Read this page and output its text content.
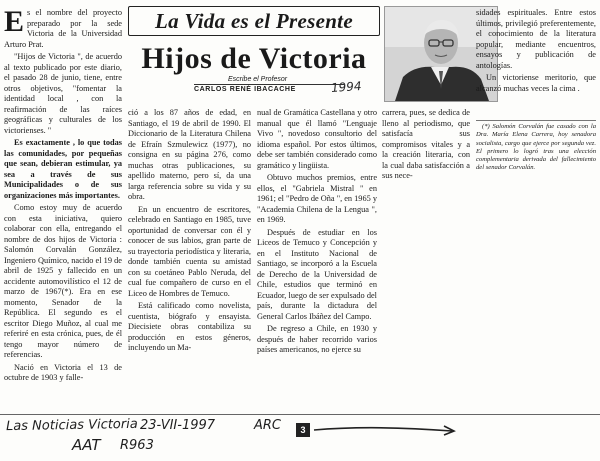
Es el nombre del proyecto preparado por la sede Victoria de la Universidad Arturo Prat.

"Hijos de Victoria ", de acuerdo al texto publicado por este diario, el pasado 28 de junio, tiene, entre otros objetivos, "fomentar la identidad local , con la reafirmación de las raíces geográficas y culturales de los victorienses. "

Es exactamente , lo que todas las comunidades, por pequeñas que sean, debieran estimular, ya sea a través de sus Municipalidades o de sus organizaciones más importantes.

Como estoy muy de acuerdo con esta iniciativa, quiero colaborar con ella, entregando el nombre de dos hijos de Victoria : Salomón Corvalán González, Ingeniero Químico, nacido el 19 de abril de 1925 y fallecido en un accidente automovilístico el 12 de marzo de 1967(*). Era en ese momento, Senador de la República. El segundo es el escritor Diego Muñoz, al cual me referiré en esta crónica, pues, de él tengo mayor número de referencias.

Nació en Victoria el 13 de octubre de 1903 y falle-

La Vida es el Presente
Hijos de Victoria
Escribe el Profesor
CARLOS RENÉ IBACACHE	1994

ció a los 87 años de edad, en Santiago, el 19 de abril de 1990. El Diccionario de la Literatura Chilena de Efraín Szmulewicz (1977), no consigna en su página 276, como muchas otras publicaciones, su apellido materno, pero sí, da una larga referencia sobre su vida y su obra.

En un encuentro de escritores, celebrado en Santiago en 1985, tuve oportunidad de conversar con él y conocer de sus labios, gran parte de su trayectoria periodística y literaria, donde también cuenta su amistad con su coetáneo Pablo Neruda, del cual fue compañero de curso en el Liceo de Hombres de Temuco.

Está calificado como novelista, cuentista, biógrafo y ensayista. Diecisiete obras contabiliza su producción en estos géneros, incluyendo un Ma-

nual de Gramática Castellana y otro manual que él llamó "Lenguaje Vivo ", novedoso consultorio del idioma español. Por estos últimos, debe ser también considerado como gramático y lingüista.

Obtuvo muchos premios, entre ellos, el "Gabriela Mistral " en 1961; el "Pedro de Oña ", en 1965 y "Academia Chilena de la Lengua ", en 1969.

Después de estudiar en los Liceos de Temuco y Concepción y en el Instituto Nacional de Santiago, se incorporó a la Escuela de Derecho de la Universidad de Chile, estudios que terminó en Ecuador, luego de ser expulsado del país, durante la dictadura del General Carlos Ibáñez del Campo.

De regreso a Chile, en 1930 y después de haber recorrido varios países americanos, no ejerce su

carrera, pues, se dedica de lleno al periodismo, que satisfacía sus compromisos vitales y a la creación literaria, con la cual daba satisfacción a sus nece-

sidades espirituales. Entre estos últimos, privilegió preferentemente, el conocimiento de la literatura popular, mediante encuentros, ensayos y publicación de antologías.

Un victoriense meritorio, que alcanzó muchas veces la cima .

(*) Salomón Corvalán fue casado con la Dra. María Elena Carrera, hoy senadora socialista, cargo que ejerce por segunda vez. El primero lo logró tras una elección complementaria derivada del fallecimiento del senador Corvalán.

Las Noticias Victoria 23-VII-1997	ARC	3
AAT R963
